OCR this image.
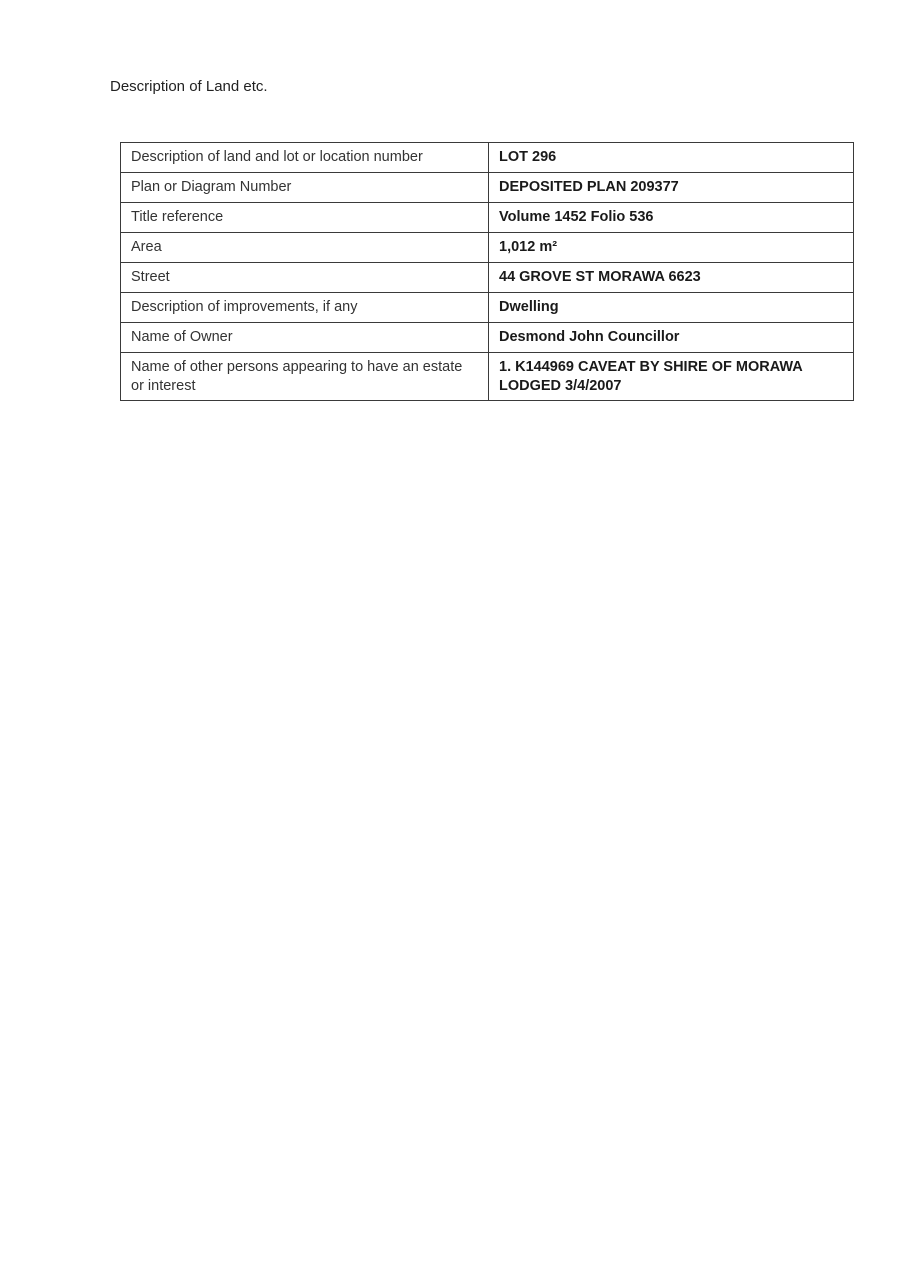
Description of Land etc.
Description of land and lot or location number	LOT 296
Plan or Diagram Number	DEPOSITED PLAN 209377
Title reference	Volume 1452 Folio 536
Area	1,012 m²
Street	44 GROVE ST MORAWA 6623
Description of improvements, if any	Dwelling
Name of Owner	Desmond John Councillor
Name of other persons appearing to have an estate or interest	1. K144969 CAVEAT BY SHIRE OF MORAWA LODGED 3/4/2007
